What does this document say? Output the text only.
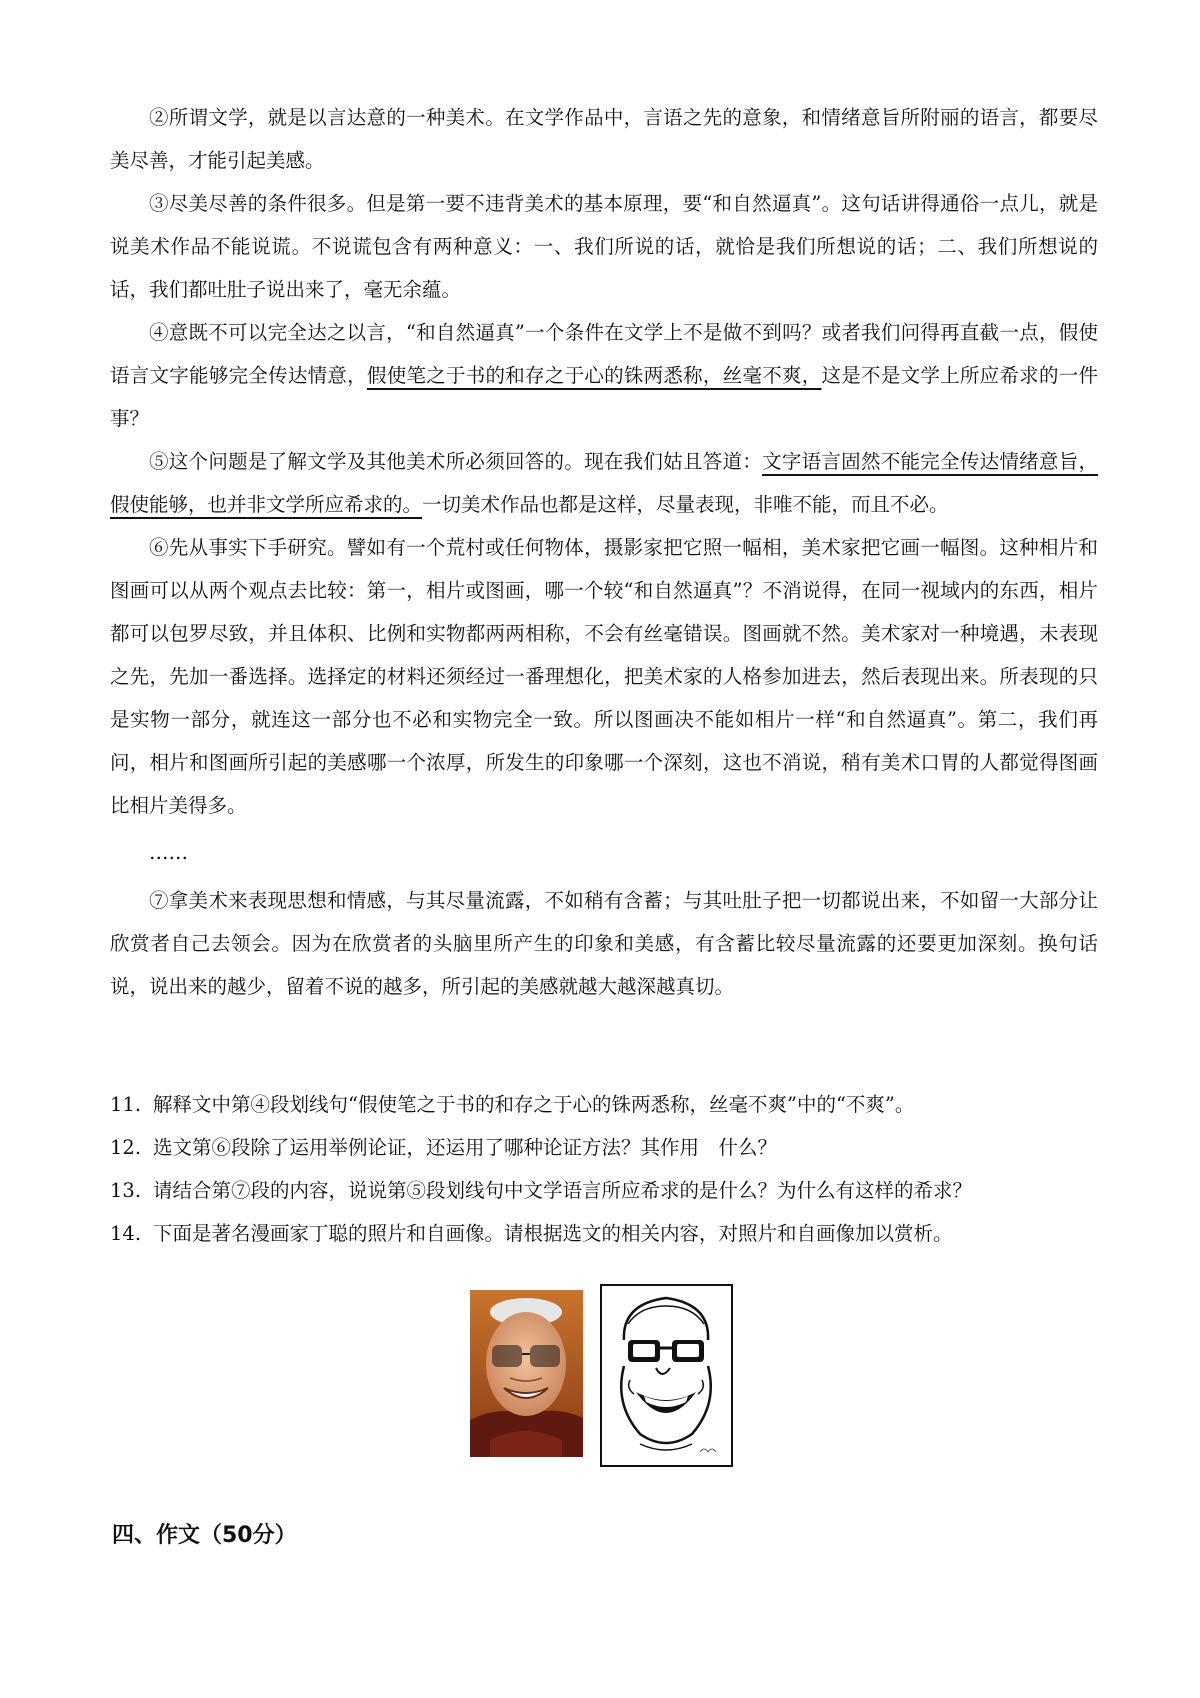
②所谓文学，就是以言达意的一种美术。在文学作品中，言语之先的意象，和情绪意旨所附丽的语言，都要尽美尽善，才能引起美感。

③尽美尽善的条件很多。但是第一要不违背美术的基本原理，要“和自然逼真”。这句话讲得通俗一点儿，就是说美术作品不能说谎。不说谎包含有两种意义：一、我们所说的话，就恰是我们所想说的话；二、我们所想说的话，我们都吐肚子说出来了，毫无余蕴。

④意既不可以完全达之以言，“和自然逼真”一个条件在文学上不是做不到吗？或者我们问得再直截一点，假使语言文字能够完全传达情意，假使笔之于书的和存之于心的铢两悉称，丝毫不爽，这是不是文学上所应希求的一件事？

⑤这个问题是了解文学及其他美术所必须回答的。现在我们姑且答道：文字语言固然不能完全传达情绪意旨，假使能够，也并非文学所应希求的。一切美术作品也都是这样，尽量表现，非唯不能，而且不必。

⑥先从事实下手研究。譬如有一个荒村或任何物体，摄影家把它照一幅相，美术家把它画一幅图。这种相片和图画可以从两个观点去比较：第一，相片或图画，哪一个较“和自然逼真”？不消说得，在同一视域内的东西，相片都可以包罗尽致，并且体积、比例和实物都两两相称，不会有丝毫错误。图画就不然。美术家对一种境遇，未表现之先，先加一番选择。选择定的材料还须经过一番理想化，把美术家的人格参加进去，然后表现出来。所表现的只是实物一部分，就连这一部分也不必和实物完全一致。所以图画决不能如相片一样“和自然逼真”。第二，我们再问，相片和图画所引起的美感哪一个浓厚，所发生的印象哪一个深刻，这也不消说，稍有美术口胃的人都觉得图画比相片美得多。

……

⑦拿美术来表现思想和情感，与其尽量流露，不如稍有含蓄；与其吐肚子把一切都说出来，不如留一大部分让欣赏者自己去领会。因为在欣赏者的头脑里所产生的印象和美感，有含蓄比较尽量流露的还要更加深刻。换句话说，说出来的越少，留着不说的越多，所引起的美感就越大越深越真切。

11. 解释文中第④段划线句“假使笔之于书的和存之于心的铢两悉称，丝毫不爽”中的“不爽”。

12. 选文第⑥段除了运用举例论证，还运用了哪种论证方法？其作用　什么？

13. 请结合第⑦段的内容，说说第⑤段划线句中文学语言所应希求的是什么？为什么有这样的希求？

14. 下面是著名漫画家丁聪的照片和自画像。请根据选文的相关内容，对照片和自画像加以赏析。

四、作文（50分）
